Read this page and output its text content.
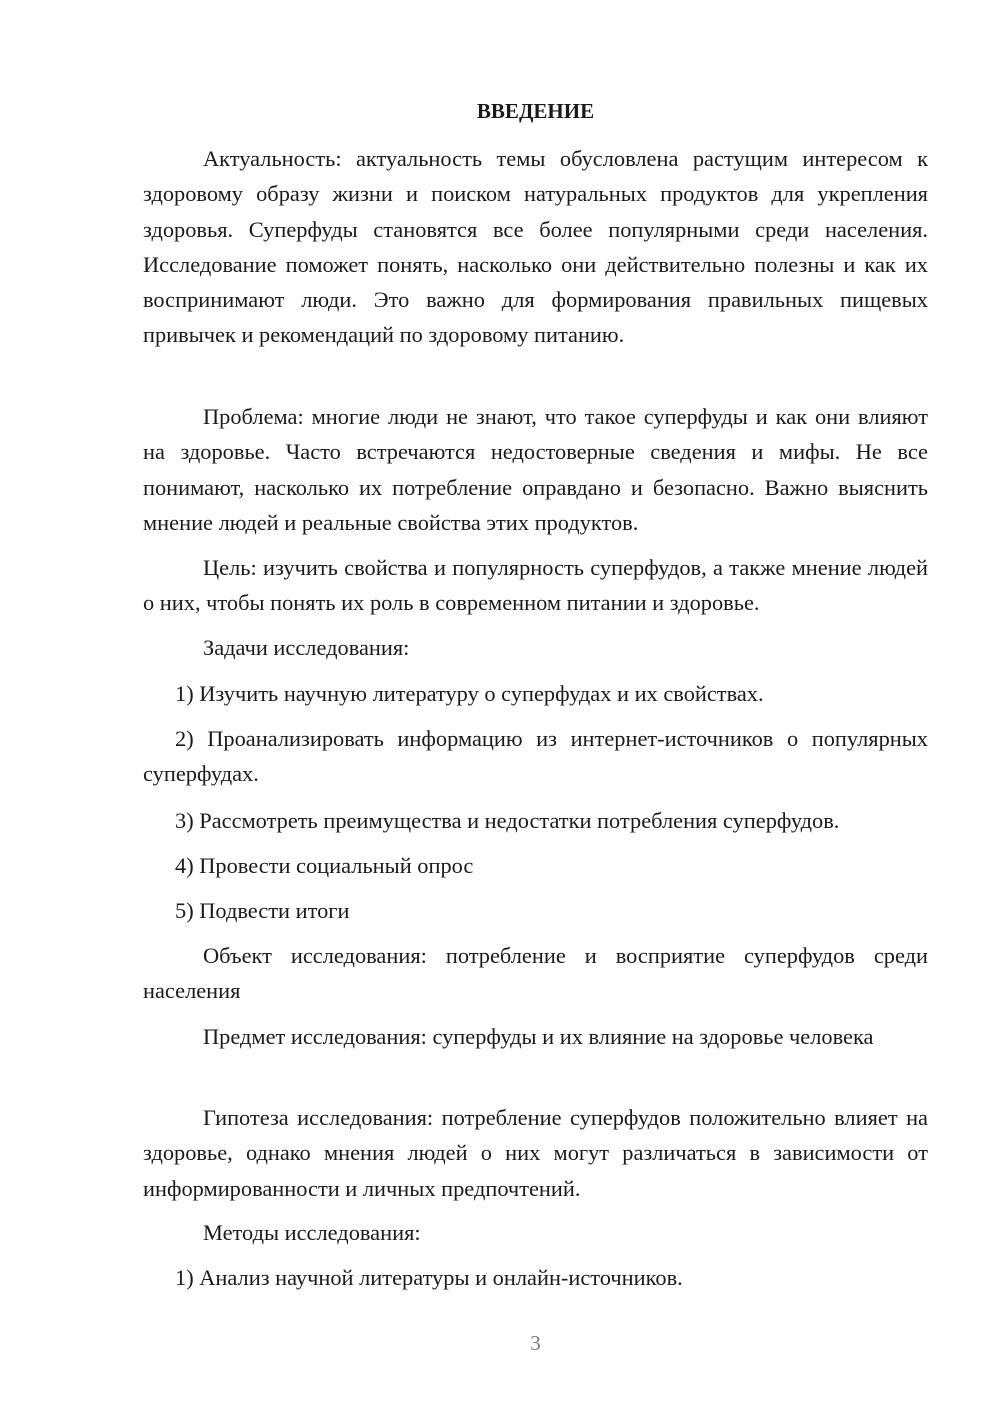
ВВЕДЕНИЕ

Актуальность: актуальность темы обусловлена растущим интересом к здоровому образу жизни и поиском натуральных продуктов для укрепления здоровья. Суперфуды становятся все более популярными среди населения. Исследование поможет понять, насколько они действительно полезны и как их воспринимают люди. Это важно для формирования правильных пищевых привычек и рекомендаций по здоровому питанию.

Проблема: многие люди не знают, что такое суперфуды и как они влияют на здоровье. Часто встречаются недостоверные сведения и мифы. Не все понимают, насколько их потребление оправдано и безопасно. Важно выяснить мнение людей и реальные свойства этих продуктов.

Цель: изучить свойства и популярность суперфудов, а также мнение людей о них, чтобы понять их роль в современном питании и здоровье.

Задачи исследования:

1) Изучить научную литературу о суперфудах и их свойствах.

2) Проанализировать информацию из интернет-источников о популярных суперфудах.

3) Рассмотреть преимущества и недостатки потребления суперфудов.

4) Провести социальный опрос

5) Подвести итоги

Объект исследования: потребление и восприятие суперфудов среди населения

Предмет исследования: суперфуды и их влияние на здоровье человека

Гипотеза исследования: потребление суперфудов положительно влияет на здоровье, однако мнения людей о них могут различаться в зависимости от информированности и личных предпочтений.

Методы исследования:

1) Анализ научной литературы и онлайн-источников.

3
